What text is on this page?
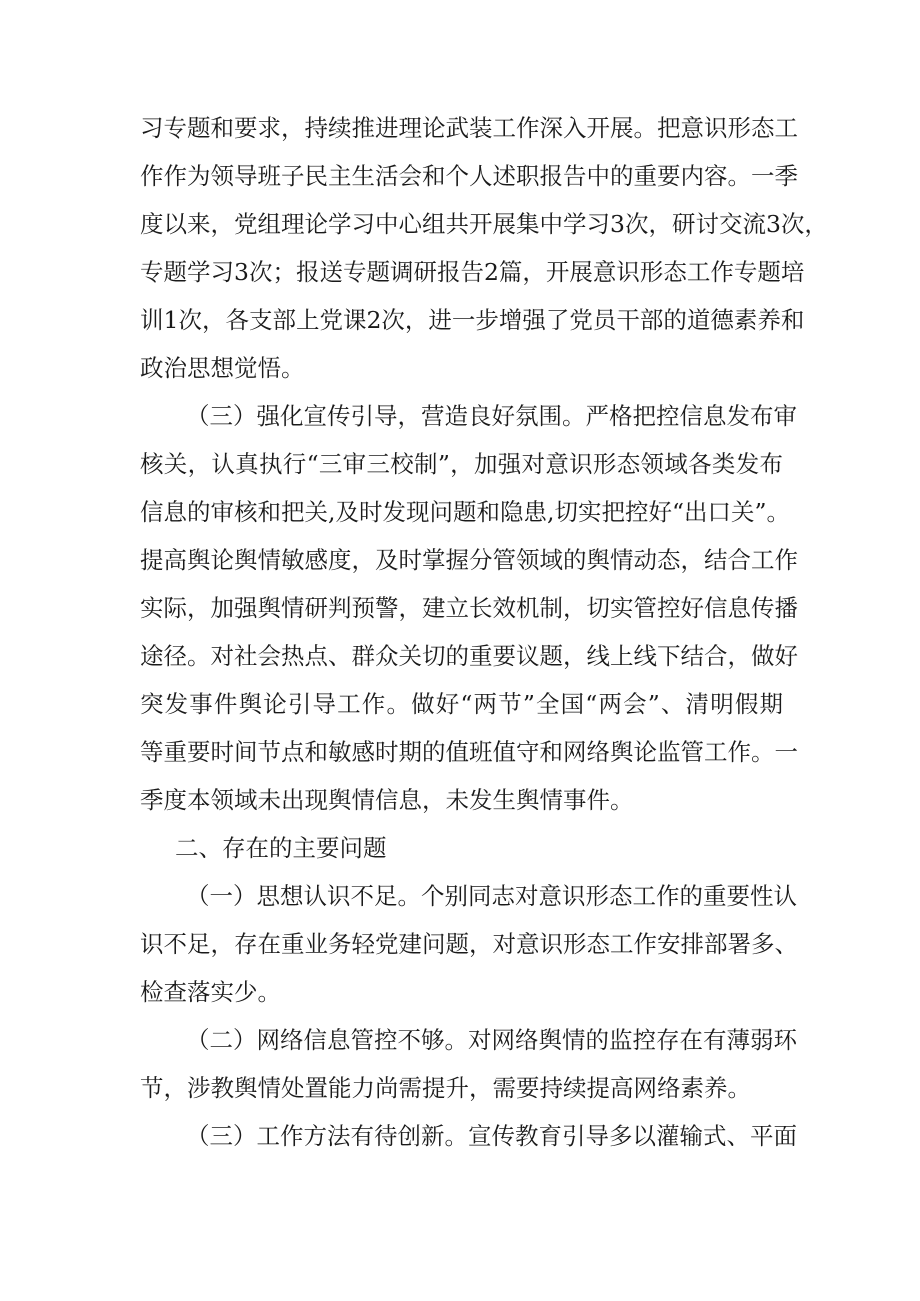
习专题和要求，持续推进理论武装工作深入开展。把意识形态工
作作为领导班子民主生活会和个人述职报告中的重要内容。一季
度以来，党组理论学习中心组共开展集中学习3次，研讨交流3次，
专题学习3次；报送专题调研报告2篇，开展意识形态工作专题培
训1次，各支部上党课2次，进一步增强了党员干部的道德素养和
政治思想觉悟。
（三）强化宣传引导，营造良好氛围。严格把控信息发布审
核关，认真执行“三审三校制”，加强对意识形态领域各类发布
信息的审核和把关,及时发现问题和隐患,切实把控好“出口关”。
提高舆论舆情敏感度，及时掌握分管领域的舆情动态，结合工作
实际，加强舆情研判预警，建立长效机制，切实管控好信息传播
途径。对社会热点、群众关切的重要议题，线上线下结合，做好
突发事件舆论引导工作。做好“两节”全国“两会”、清明假期
等重要时间节点和敏感时期的值班值守和网络舆论监管工作。一
季度本领域未出现舆情信息，未发生舆情事件。
二、存在的主要问题
（一）思想认识不足。个别同志对意识形态工作的重要性认
识不足，存在重业务轻党建问题，对意识形态工作安排部署多、
检查落实少。
（二）网络信息管控不够。对网络舆情的监控存在有薄弱环
节，涉教舆情处置能力尚需提升，需要持续提高网络素养。
（三）工作方法有待创新。宣传教育引导多以灌输式、平面
